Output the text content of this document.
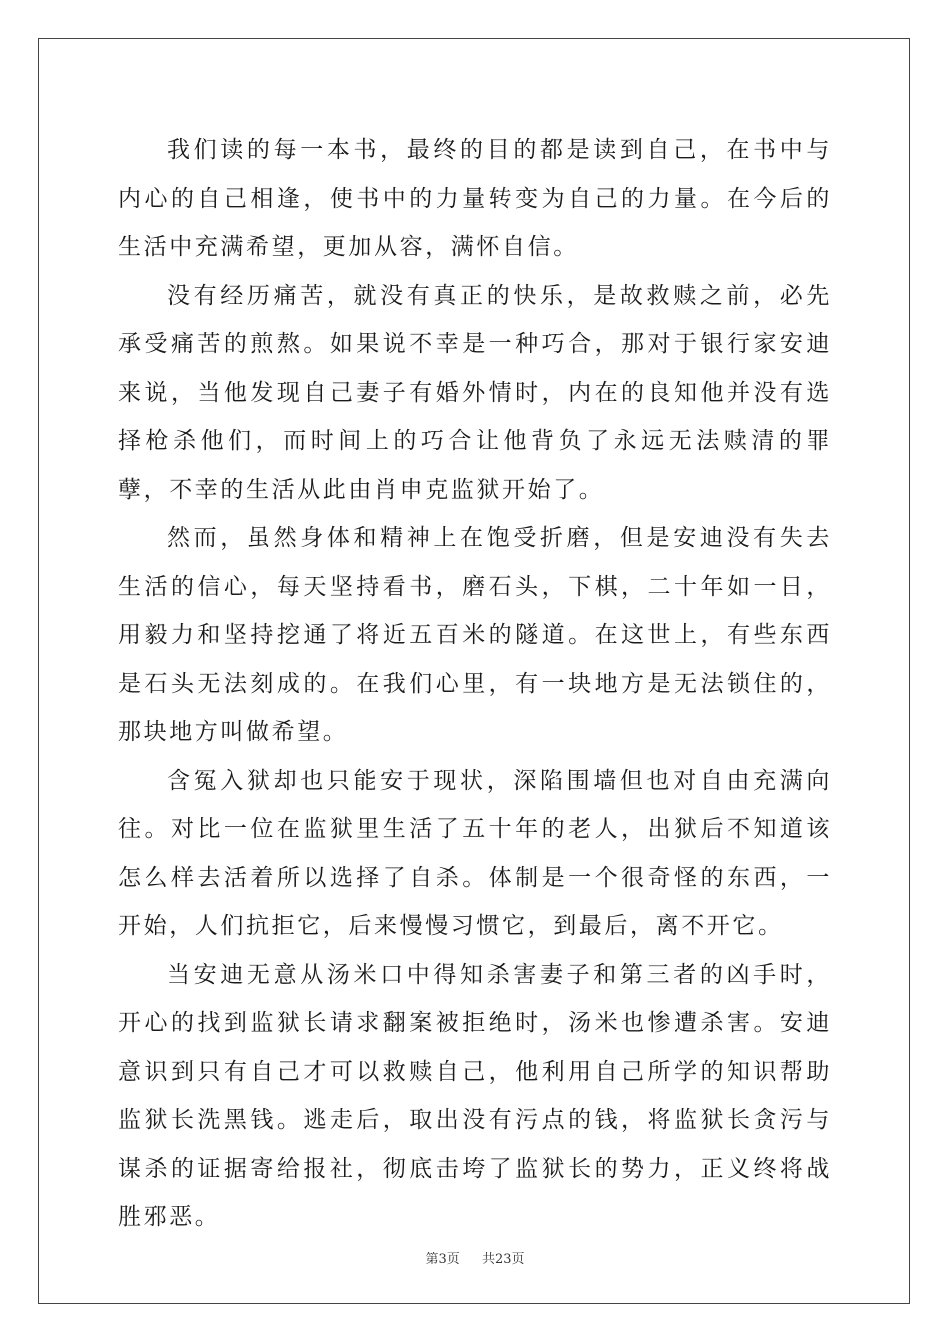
我们读的每一本书，最终的目的都是读到自己，在书中与内心的自己相逢，使书中的力量转变为自己的力量。在今后的生活中充满希望，更加从容，满怀自信。

没有经历痛苦，就没有真正的快乐，是故救赎之前，必先承受痛苦的煎熬。如果说不幸是一种巧合，那对于银行家安迪来说，当他发现自己妻子有婚外情时，内在的良知他并没有选择枪杀他们，而时间上的巧合让他背负了永远无法赎清的罪孽，不幸的生活从此由肖申克监狱开始了。

然而，虽然身体和精神上在饱受折磨，但是安迪没有失去生活的信心，每天坚持看书，磨石头，下棋，二十年如一日，用毅力和坚持挖通了将近五百米的隧道。在这世上，有些东西是石头无法刻成的。在我们心里，有一块地方是无法锁住的，那块地方叫做希望。

含冤入狱却也只能安于现状，深陷围墙但也对自由充满向往。对比一位在监狱里生活了五十年的老人，出狱后不知道该怎么样去活着所以选择了自杀。体制是一个很奇怪的东西，一开始，人们抗拒它，后来慢慢习惯它，到最后，离不开它。

当安迪无意从汤米口中得知杀害妻子和第三者的凶手时，开心的找到监狱长请求翻案被拒绝时，汤米也惨遭杀害。安迪意识到只有自己才可以救赎自己，他利用自己所学的知识帮助监狱长洗黑钱。逃走后，取出没有污点的钱，将监狱长贪污与谋杀的证据寄给报社，彻底击垮了监狱长的势力，正义终将战胜邪恶。

第3页 共23页
